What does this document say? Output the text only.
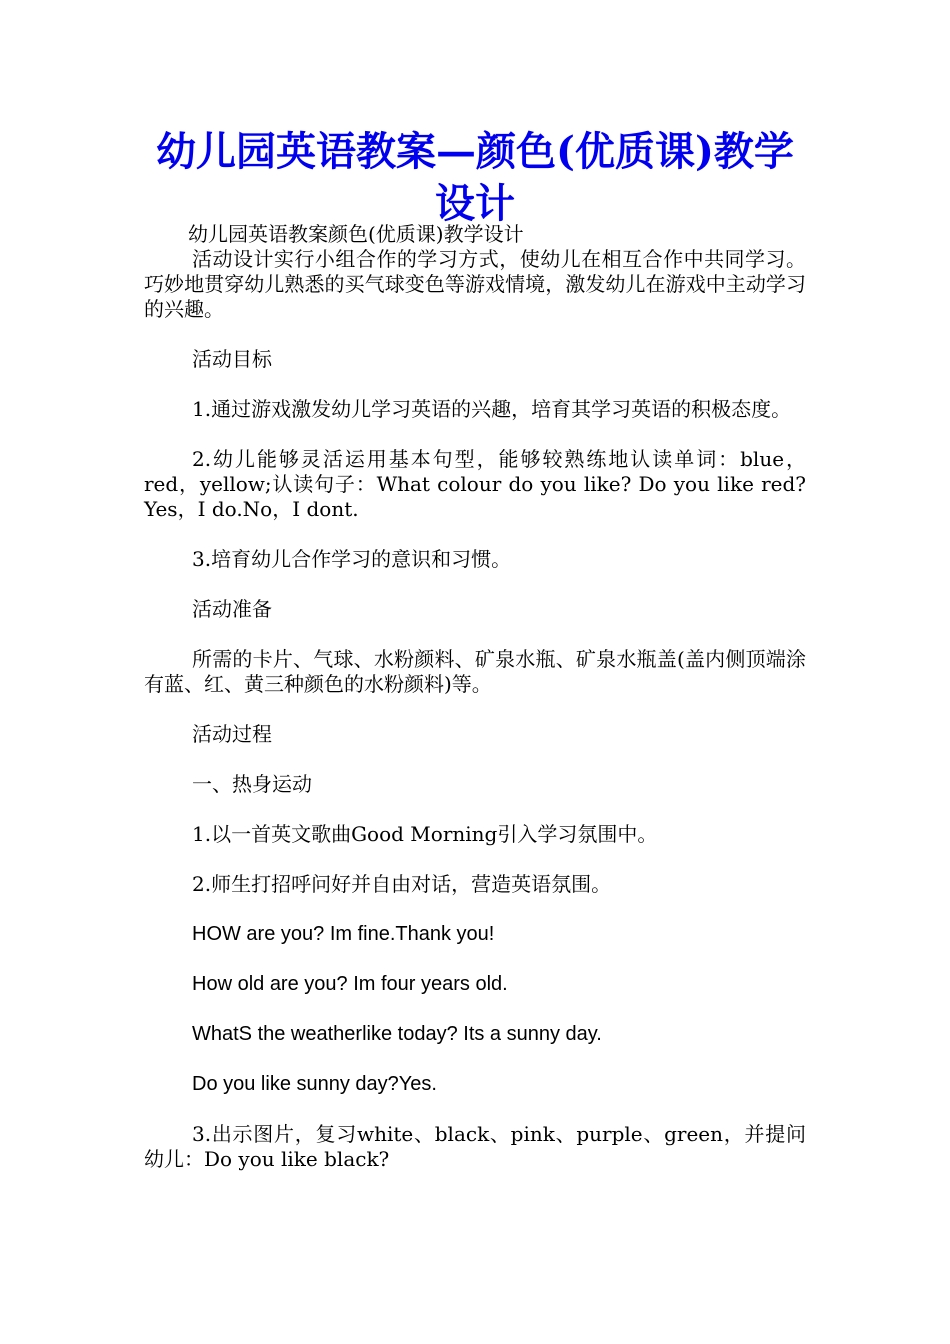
幼儿园英语教案—颜色(优质课)教学设计

幼儿园英语教案颜色(优质课)教学设计

活动设计实行小组合作的学习方式，使幼儿在相互合作中共同学习。巧妙地贯穿幼儿熟悉的买气球变色等游戏情境，激发幼儿在游戏中主动学习的兴趣。

活动目标

1.通过游戏激发幼儿学习英语的兴趣，培育其学习英语的积极态度。

2.幼儿能够灵活运用基本句型，能够较熟练地认读单词：blue，red，yellow;认读句子：What colour do you like? Do you like red? Yes，I do.No，I dont.

3.培育幼儿合作学习的意识和习惯。

活动准备

所需的卡片、气球、水粉颜料、矿泉水瓶、矿泉水瓶盖(盖内侧顶端涂有蓝、红、黄三种颜色的水粉颜料)等。

活动过程

一、热身运动

1.以一首英文歌曲Good Morning引入学习氛围中。

2.师生打招呼问好并自由对话，营造英语氛围。

HOW are you? Im fine.Thank you!

How old are you? Im four years old.

WhatS the weatherlike today? Its a sunny day.

Do you like sunny day?Yes.

3.出示图片，复习white、black、pink、purple、green，并提问幼儿：Do you like black?
